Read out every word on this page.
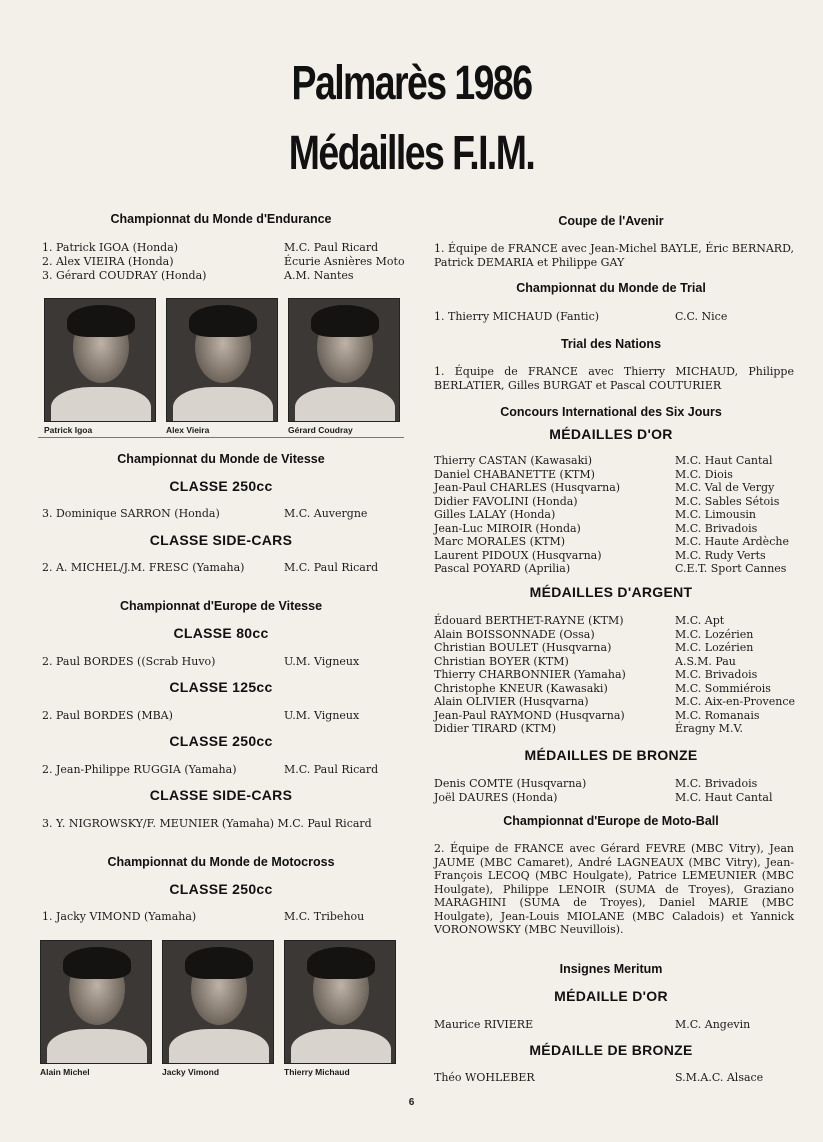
Palmarès 1986
Médailles F.I.M.
Championnat du Monde d'Endurance
1. Patrick IGOA (Honda)	M.C. Paul Ricard
2. Alex VIEIRA (Honda)	Écurie Asnières Moto
3. Gérard COUDRAY (Honda)	A.M. Nantes
Patrick Igoa	Alex Vieira	Gérard Coudray
Championnat du Monde de Vitesse
CLASSE 250cc
3. Dominique SARRON (Honda)	M.C. Auvergne
CLASSE SIDE-CARS
2. A. MICHEL/J.M. FRESC (Yamaha)	M.C. Paul Ricard
Championnat d'Europe de Vitesse
CLASSE 80cc
2. Paul BORDES ((Scrab Huvo)	U.M. Vigneux
CLASSE 125cc
2. Paul BORDES (MBA)	U.M. Vigneux
CLASSE 250cc
2. Jean-Philippe RUGGIA (Yamaha)	M.C. Paul Ricard
CLASSE SIDE-CARS
3. Y. NIGROWSKY/F. MEUNIER (Yamaha) M.C. Paul Ricard
Championnat du Monde de Motocross
CLASSE 250cc
1. Jacky VIMOND (Yamaha)	M.C. Tribehou
Alain Michel	Jacky Vimond	Thierry Michaud
Coupe de l'Avenir
1. Équipe de FRANCE avec Jean-Michel BAYLE, Éric BERNARD, Patrick DEMARIA et Philippe GAY
Championnat du Monde de Trial
1. Thierry MICHAUD (Fantic)	C.C. Nice
Trial des Nations
1. Équipe de FRANCE avec Thierry MICHAUD, Philippe BERLATIER, Gilles BURGAT et Pascal COUTURIER
Concours International des Six Jours
MÉDAILLES D'OR
Thierry CASTAN (Kawasaki)	M.C. Haut Cantal
Daniel CHABANETTE (KTM)	M.C. Diois
Jean-Paul CHARLES (Husqvarna)	M.C. Val de Vergy
Didier FAVOLINI (Honda)	M.C. Sables Sétois
Gilles LALAY (Honda)	M.C. Limousin
Jean-Luc MIROIR (Honda)	M.C. Brivadois
Marc MORALES (KTM)	M.C. Haute Ardèche
Laurent PIDOUX (Husqvarna)	M.C. Rudy Verts
Pascal POYARD (Aprilia)	C.E.T. Sport Cannes
MÉDAILLES D'ARGENT
Édouard BERTHET-RAYNE (KTM)	M.C. Apt
Alain BOISSONNADE (Ossa)	M.C. Lozérien
Christian BOULET (Husqvarna)	M.C. Lozérien
Christian BOYER (KTM)	A.S.M. Pau
Thierry CHARBONNIER (Yamaha)	M.C. Brivadois
Christophe KNEUR (Kawasaki)	M.C. Sommiérois
Alain OLIVIER (Husqvarna)	M.C. Aix-en-Provence
Jean-Paul RAYMOND (Husqvarna)	M.C. Romanais
Didier TIRARD (KTM)	Éragny M.V.
MÉDAILLES DE BRONZE
Denis COMTE (Husqvarna)	M.C. Brivadois
Joël DAURES (Honda)	M.C. Haut Cantal
Championnat d'Europe de Moto-Ball
2. Équipe de FRANCE avec Gérard FEVRE (MBC Vitry), Jean JAUME (MBC Camaret), André LAGNEAUX (MBC Vitry), Jean-François LECOQ (MBC Houlgate), Patrice LEMEUNIER (MBC Houlgate), Philippe LENOIR (SUMA de Troyes), Graziano MARAGHINI (SUMA de Troyes), Daniel MARIE (MBC Houlgate), Jean-Louis MIOLANE (MBC Caladois) et Yannick VORONOWSKY (MBC Neuvillois).
Insignes Meritum
MÉDAILLE D'OR
Maurice RIVIERE	M.C. Angevin
MÉDAILLE DE BRONZE
Théo WOHLEBER	S.M.A.C. Alsace
6
